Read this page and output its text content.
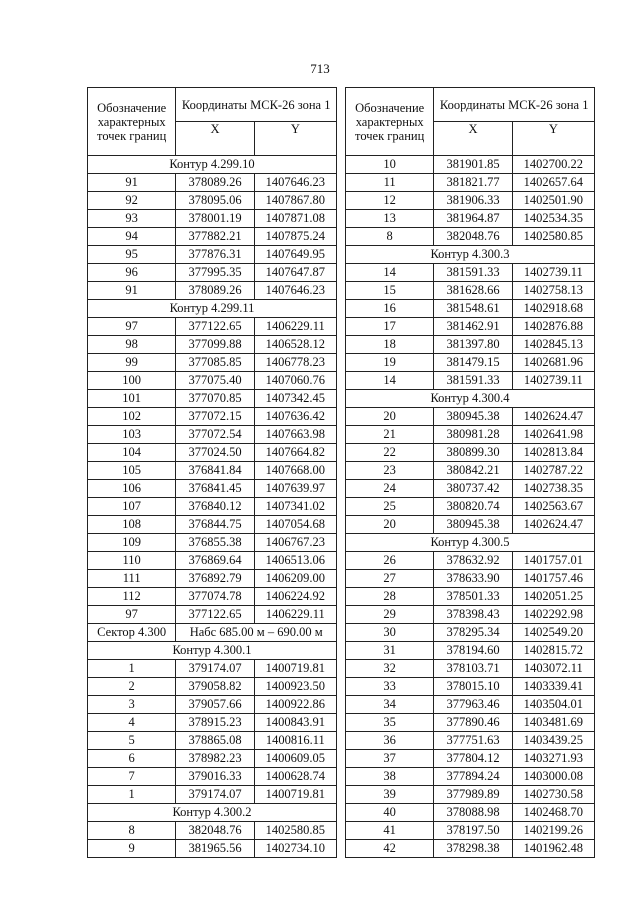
713
Обозначение характерных точек границ	Координаты МСК-26 зона 1	
	X	Y
Контур 4.299.10		
91	378089.26	1407646.23
92	378095.06	1407867.80
93	378001.19	1407871.08
94	377882.21	1407875.24
95	377876.31	1407649.95
96	377995.35	1407647.87
91	378089.26	1407646.23
Контур 4.299.11		
97	377122.65	1406229.11
98	377099.88	1406528.12
99	377085.85	1406778.23
100	377075.40	1407060.76
101	377070.85	1407342.45
102	377072.15	1407636.42
103	377072.54	1407663.98
104	377024.50	1407664.82
105	376841.84	1407668.00
106	376841.45	1407639.97
107	376840.12	1407341.02
108	376844.75	1407054.68
109	376855.38	1406767.23
110	376869.64	1406513.06
111	376892.79	1406209.00
112	377074.78	1406224.92
97	377122.65	1406229.11
Сектор 4.300	Набс 685.00 м – 690.00 м	
Контур 4.300.1		
1	379174.07	1400719.81
2	379058.82	1400923.50
3	379057.66	1400922.86
4	378915.23	1400843.91
5	378865.08	1400816.11
6	378982.23	1400609.05
7	379016.33	1400628.74
1	379174.07	1400719.81
Контур 4.300.2		
8	382048.76	1402580.85
9	381965.56	1402734.10
Обозначение характерных точек границ	Координаты МСК-26 зона 1	
	X	Y
10	381901.85	1402700.22
11	381821.77	1402657.64
12	381906.33	1402501.90
13	381964.87	1402534.35
8	382048.76	1402580.85
Контур 4.300.3		
14	381591.33	1402739.11
15	381628.66	1402758.13
16	381548.61	1402918.68
17	381462.91	1402876.88
18	381397.80	1402845.13
19	381479.15	1402681.96
14	381591.33	1402739.11
Контур 4.300.4		
20	380945.38	1402624.47
21	380981.28	1402641.98
22	380899.30	1402813.84
23	380842.21	1402787.22
24	380737.42	1402738.35
25	380820.74	1402563.67
20	380945.38	1402624.47
Контур 4.300.5		
26	378632.92	1401757.01
27	378633.90	1401757.46
28	378501.33	1402051.25
29	378398.43	1402292.98
30	378295.34	1402549.20
31	378194.60	1402815.72
32	378103.71	1403072.11
33	378015.10	1403339.41
34	377963.46	1403504.01
35	377890.46	1403481.69
36	377751.63	1403439.25
37	377804.12	1403271.93
38	377894.24	1403000.08
39	377989.89	1402730.58
40	378088.98	1402468.70
41	378197.50	1402199.26
42	378298.38	1401962.48
